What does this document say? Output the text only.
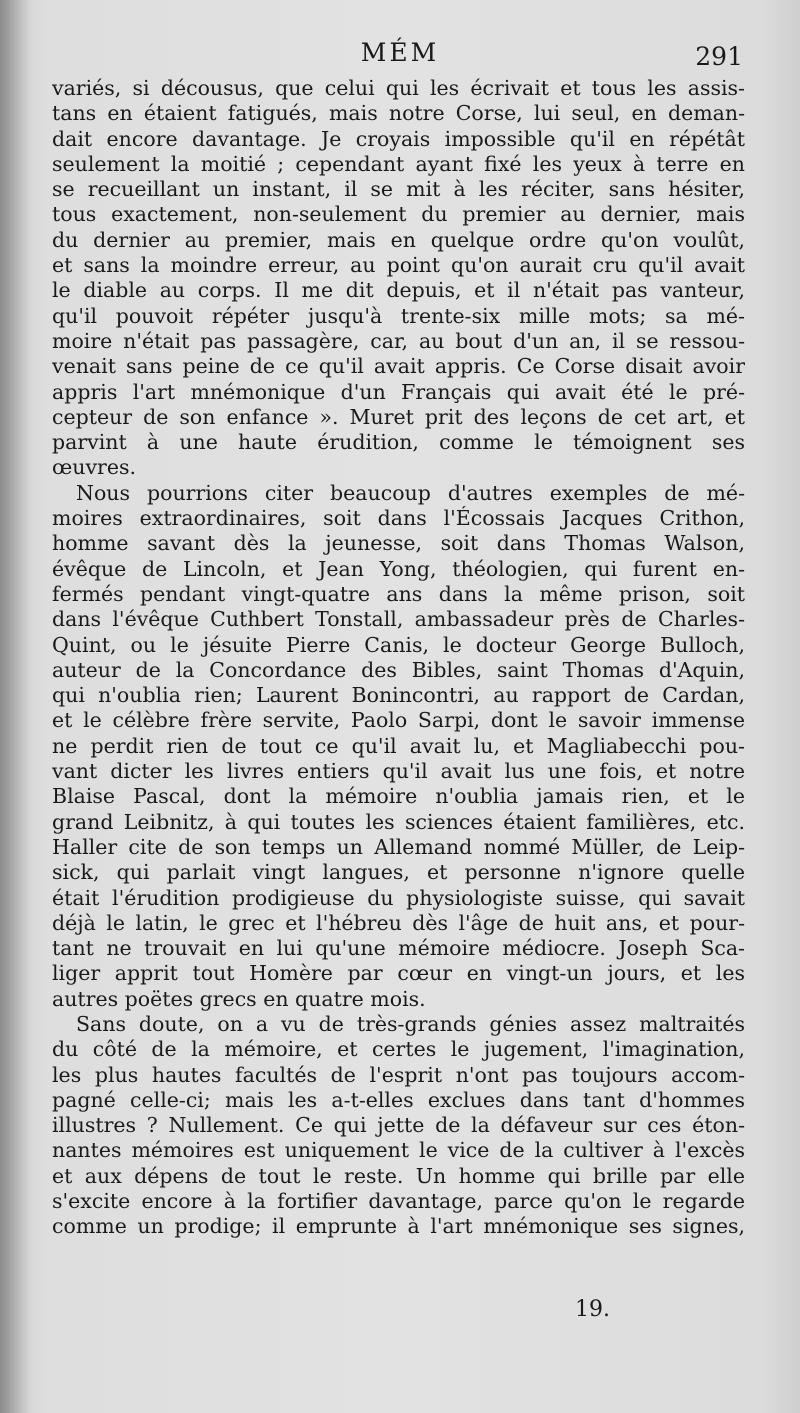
MÉM	291
variés, si décousus, que celui qui les écrivait et tous les assis-
tans en étaient fatigués, mais notre Corse, lui seul, en deman-
dait encore davantage. Je croyais impossible qu'il en répétât
seulement la moitié ; cependant ayant fixé les yeux à terre en
se recueillant un instant, il se mit à les réciter, sans hésiter,
tous exactement, non-seulement du premier au dernier, mais
du dernier au premier, mais en quelque ordre qu'on voulût,
et sans la moindre erreur, au point qu'on aurait cru qu'il avait
le diable au corps. Il me dit depuis, et il n'était pas vanteur,
qu'il pouvoit répéter jusqu'à trente-six mille mots; sa mé-
moire n'était pas passagère, car, au bout d'un an, il se ressou-
venait sans peine de ce qu'il avait appris. Ce Corse disait avoir
appris l'art mnémonique d'un Français qui avait été le pré-
cepteur de son enfance ». Muret prit des leçons de cet art, et
parvint à une haute érudition, comme le témoignent ses
œuvres.
Nous pourrions citer beaucoup d'autres exemples de mé-
moires extraordinaires, soit dans l'Écossais Jacques Crithon,
homme savant dès la jeunesse, soit dans Thomas Walson,
évêque de Lincoln, et Jean Yong, théologien, qui furent en-
fermés pendant vingt-quatre ans dans la même prison, soit
dans l'évêque Cuthbert Tonstall, ambassadeur près de Charles-
Quint, ou le jésuite Pierre Canis, le docteur George Bulloch,
auteur de la Concordance des Bibles, saint Thomas d'Aquin,
qui n'oublia rien; Laurent Bonincontri, au rapport de Cardan,
et le célèbre frère servite, Paolo Sarpi, dont le savoir immense
ne perdit rien de tout ce qu'il avait lu, et Magliabecchi pou-
vant dicter les livres entiers qu'il avait lus une fois, et notre
Blaise Pascal, dont la mémoire n'oublia jamais rien, et le
grand Leibnitz, à qui toutes les sciences étaient familières, etc.
Haller cite de son temps un Allemand nommé Müller, de Leip-
sick, qui parlait vingt langues, et personne n'ignore quelle
était l'érudition prodigieuse du physiologiste suisse, qui savait
déjà le latin, le grec et l'hébreu dès l'âge de huit ans, et pour-
tant ne trouvait en lui qu'une mémoire médiocre. Joseph Sca-
liger apprit tout Homère par cœur en vingt-un jours, et les
autres poëtes grecs en quatre mois.
Sans doute, on a vu de très-grands génies assez maltraités
du côté de la mémoire, et certes le jugement, l'imagination,
les plus hautes facultés de l'esprit n'ont pas toujours accom-
pagné celle-ci; mais les a-t-elles exclues dans tant d'hommes
illustres ? Nullement. Ce qui jette de la défaveur sur ces éton-
nantes mémoires est uniquement le vice de la cultiver à l'excès
et aux dépens de tout le reste. Un homme qui brille par elle
s'excite encore à la fortifier davantage, parce qu'on le regarde
comme un prodige; il emprunte à l'art mnémonique ses signes,
19.
